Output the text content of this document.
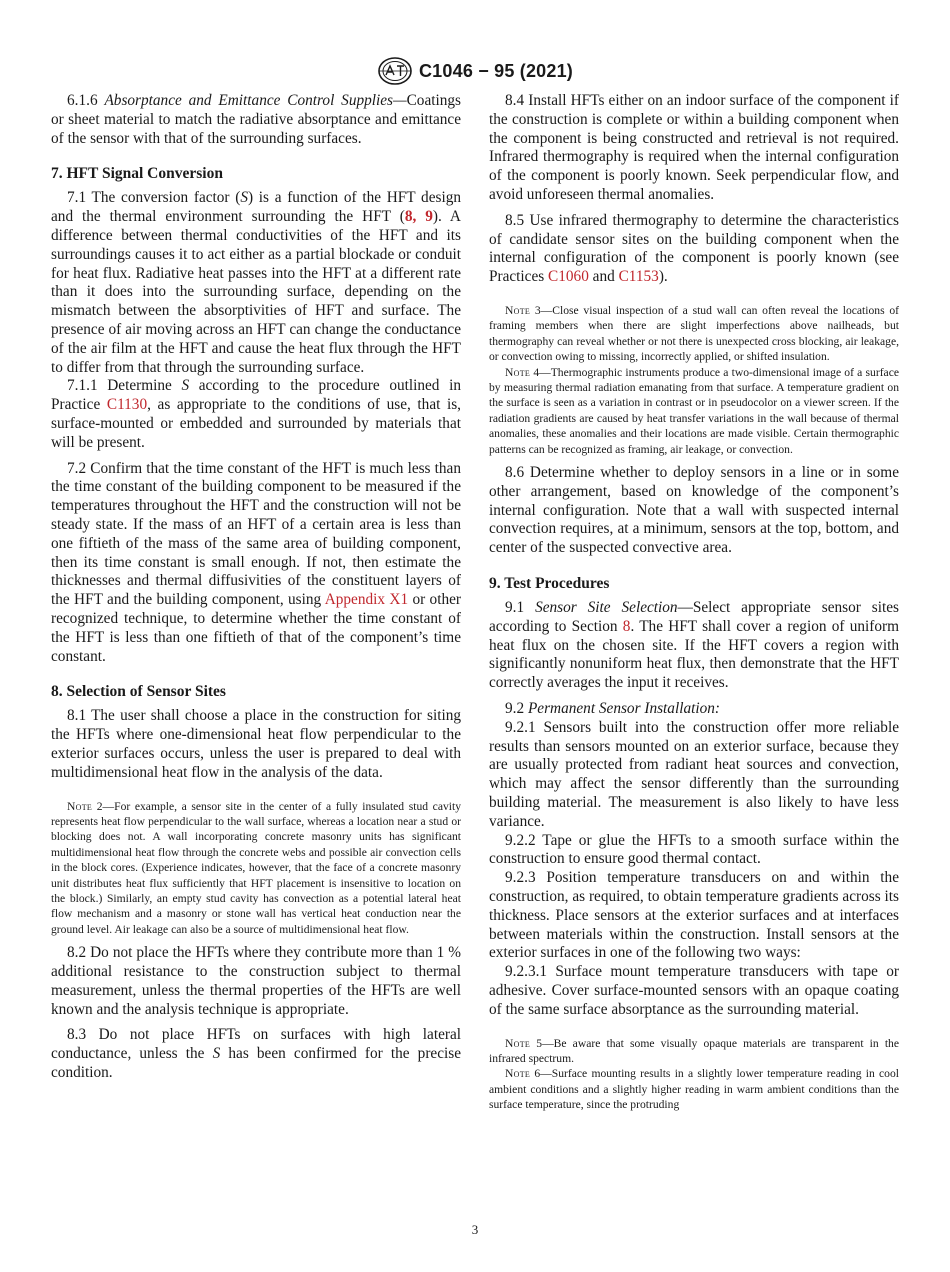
C1046 − 95 (2021)

6.1.6 Absorptance and Emittance Control Supplies—Coatings or sheet material to match the radiative absorptance and emittance of the sensor with that of the surrounding surfaces.

7. HFT Signal Conversion

7.1 The conversion factor (S) is a function of the HFT design and the thermal environment surrounding the HFT (8, 9). A difference between thermal conductivities of the HFT and its surroundings causes it to act either as a partial blockade or conduit for heat flux. Radiative heat passes into the HFT at a different rate than it does into the surrounding surface, depending on the mismatch between the absorptivities of HFT and surface. The presence of air moving across an HFT can change the conductance of the air film at the HFT and cause the heat flux through the HFT to differ from that through the surrounding surface.

7.1.1 Determine S according to the procedure outlined in Practice C1130, as appropriate to the conditions of use, that is, surface-mounted or embedded and surrounded by materials that will be present.

7.2 Confirm that the time constant of the HFT is much less than the time constant of the building component to be measured if the temperatures throughout the HFT and the construction will not be steady state. If the mass of an HFT of a certain area is less than one fiftieth of the mass of the same area of building component, then its time constant is small enough. If not, then estimate the thicknesses and thermal diffusivities of the constituent layers of the HFT and the building component, using Appendix X1 or other recognized technique, to determine whether the time constant of the HFT is less than one fiftieth of that of the component’s time constant.

8. Selection of Sensor Sites

8.1 The user shall choose a place in the construction for siting the HFTs where one-dimensional heat flow perpendicular to the exterior surfaces occurs, unless the user is prepared to deal with multidimensional heat flow in the analysis of the data.

Note 2—For example, a sensor site in the center of a fully insulated stud cavity represents heat flow perpendicular to the wall surface, whereas a location near a stud or blocking does not. A wall incorporating concrete masonry units has significant multidimensional heat flow through the concrete webs and possible air convection cells in the block cores. (Experience indicates, however, that the face of a concrete masonry unit distributes heat flux sufficiently that HFT placement is insensitive to location on the block.) Similarly, an empty stud cavity has convection as a potential lateral heat flow mechanism and a masonry or stone wall has vertical heat conduction near the ground level. Air leakage can also be a source of multidimensional heat flow.

8.2 Do not place the HFTs where they contribute more than 1 % additional resistance to the construction subject to thermal measurement, unless the thermal properties of the HFTs are well known and the analysis technique is appropriate.

8.3 Do not place HFTs on surfaces with high lateral conductance, unless the S has been confirmed for the precise condition.

8.4 Install HFTs either on an indoor surface of the component if the construction is complete or within a building component when the component is being constructed and retrieval is not required. Infrared thermography is required when the internal configuration of the component is poorly known. Seek perpendicular flow, and avoid unforeseen thermal anomalies.

8.5 Use infrared thermography to determine the characteristics of candidate sensor sites on the building component when the internal configuration of the component is poorly known (see Practices C1060 and C1153).

Note 3—Close visual inspection of a stud wall can often reveal the locations of framing members when there are slight imperfections above nailheads, but thermography can reveal whether or not there is unexpected cross blocking, air leakage, or convection owing to missing, incorrectly applied, or shifted insulation.

Note 4—Thermographic instruments produce a two-dimensional image of a surface by measuring thermal radiation emanating from that surface. A temperature gradient on the surface is seen as a variation in contrast or in pseudocolor on a viewer screen. If the radiation gradients are caused by heat transfer variations in the wall because of thermal anomalies, these anomalies and their locations are made visible. Certain thermographic patterns can be recognized as framing, air leakage, or convection.

8.6 Determine whether to deploy sensors in a line or in some other arrangement, based on knowledge of the component’s internal configuration. Note that a wall with suspected internal convection requires, at a minimum, sensors at the top, bottom, and center of the suspected convective area.

9. Test Procedures

9.1 Sensor Site Selection—Select appropriate sensor sites according to Section 8. The HFT shall cover a region of uniform heat flux on the chosen site. If the HFT covers a region with significantly nonuniform heat flux, then demonstrate that the HFT correctly averages the input it receives.

9.2 Permanent Sensor Installation:

9.2.1 Sensors built into the construction offer more reliable results than sensors mounted on an exterior surface, because they are usually protected from radiant heat sources and convection, which may affect the sensor differently than the surrounding building material. The measurement is also likely to have less variance.

9.2.2 Tape or glue the HFTs to a smooth surface within the construction to ensure good thermal contact.

9.2.3 Position temperature transducers on and within the construction, as required, to obtain temperature gradients across its thickness. Place sensors at the exterior surfaces and at interfaces between materials within the construction. Install sensors at the exterior surfaces in one of the following two ways:

9.2.3.1 Surface mount temperature transducers with tape or adhesive. Cover surface-mounted sensors with an opaque coating of the same surface absorptance as the surrounding material.

Note 5—Be aware that some visually opaque materials are transparent in the infrared spectrum.

Note 6—Surface mounting results in a slightly lower temperature reading in cool ambient conditions and a slightly higher reading in warm ambient conditions than the surface temperature, since the protruding

3
